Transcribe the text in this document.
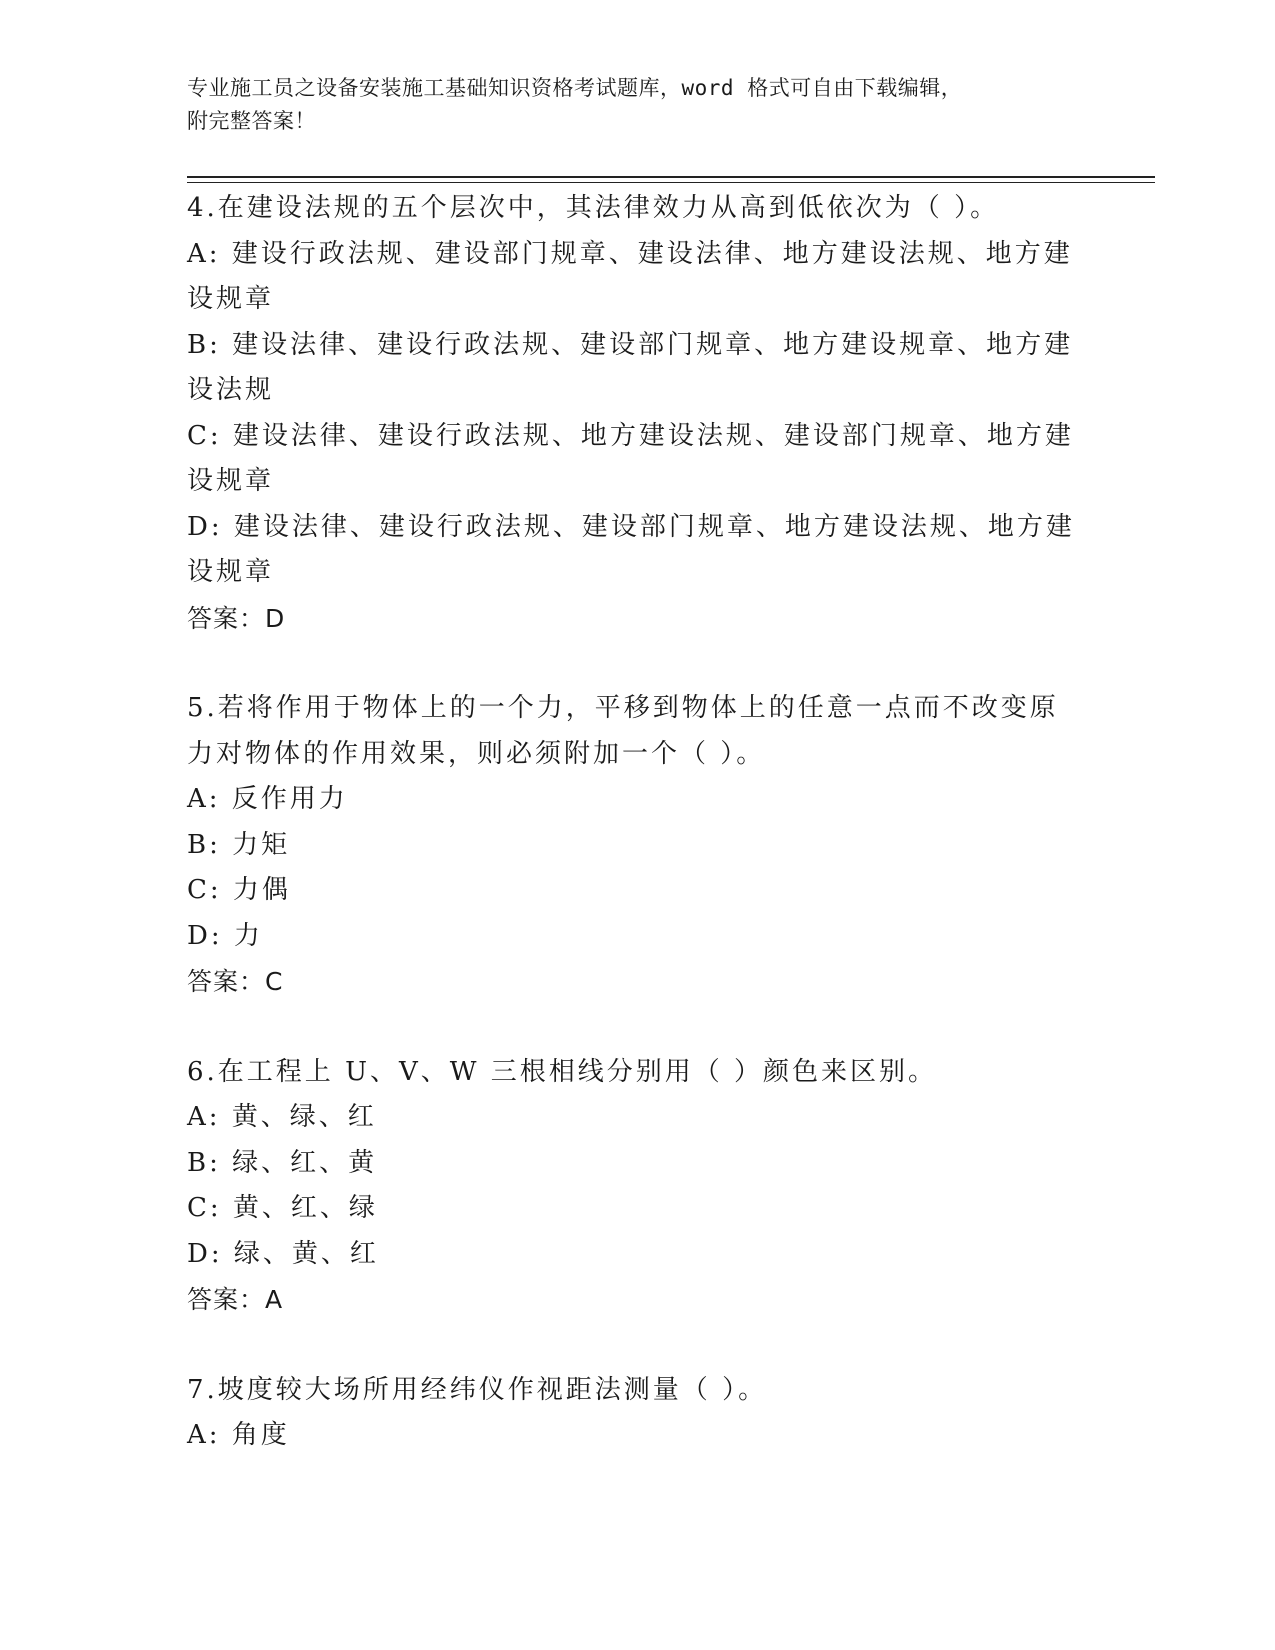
专业施工员之设备安装施工基础知识资格考试题库，word 格式可自由下载编辑，
附完整答案！
4.在建设法规的五个层次中，其法律效力从高到低依次为（ ）。
A: 建设行政法规、建设部门规章、建设法律、地方建设法规、地方建
设规章
B: 建设法律、建设行政法规、建设部门规章、地方建设规章、地方建
设法规
C: 建设法律、建设行政法规、地方建设法规、建设部门规章、地方建
设规章
D: 建设法律、建设行政法规、建设部门规章、地方建设法规、地方建
设规章
答案：D
5.若将作用于物体上的一个力，平移到物体上的任意一点而不改变原
力对物体的作用效果，则必须附加一个（ ）。
A: 反作用力
B: 力矩
C: 力偶
D: 力
答案：C
6.在工程上 U、V、W 三根相线分别用（ ）颜色来区别。
A: 黄、绿、红
B: 绿、红、黄
C: 黄、红、绿
D: 绿、黄、红
答案：A
7.坡度较大场所用经纬仪作视距法测量（ ）。
A: 角度
